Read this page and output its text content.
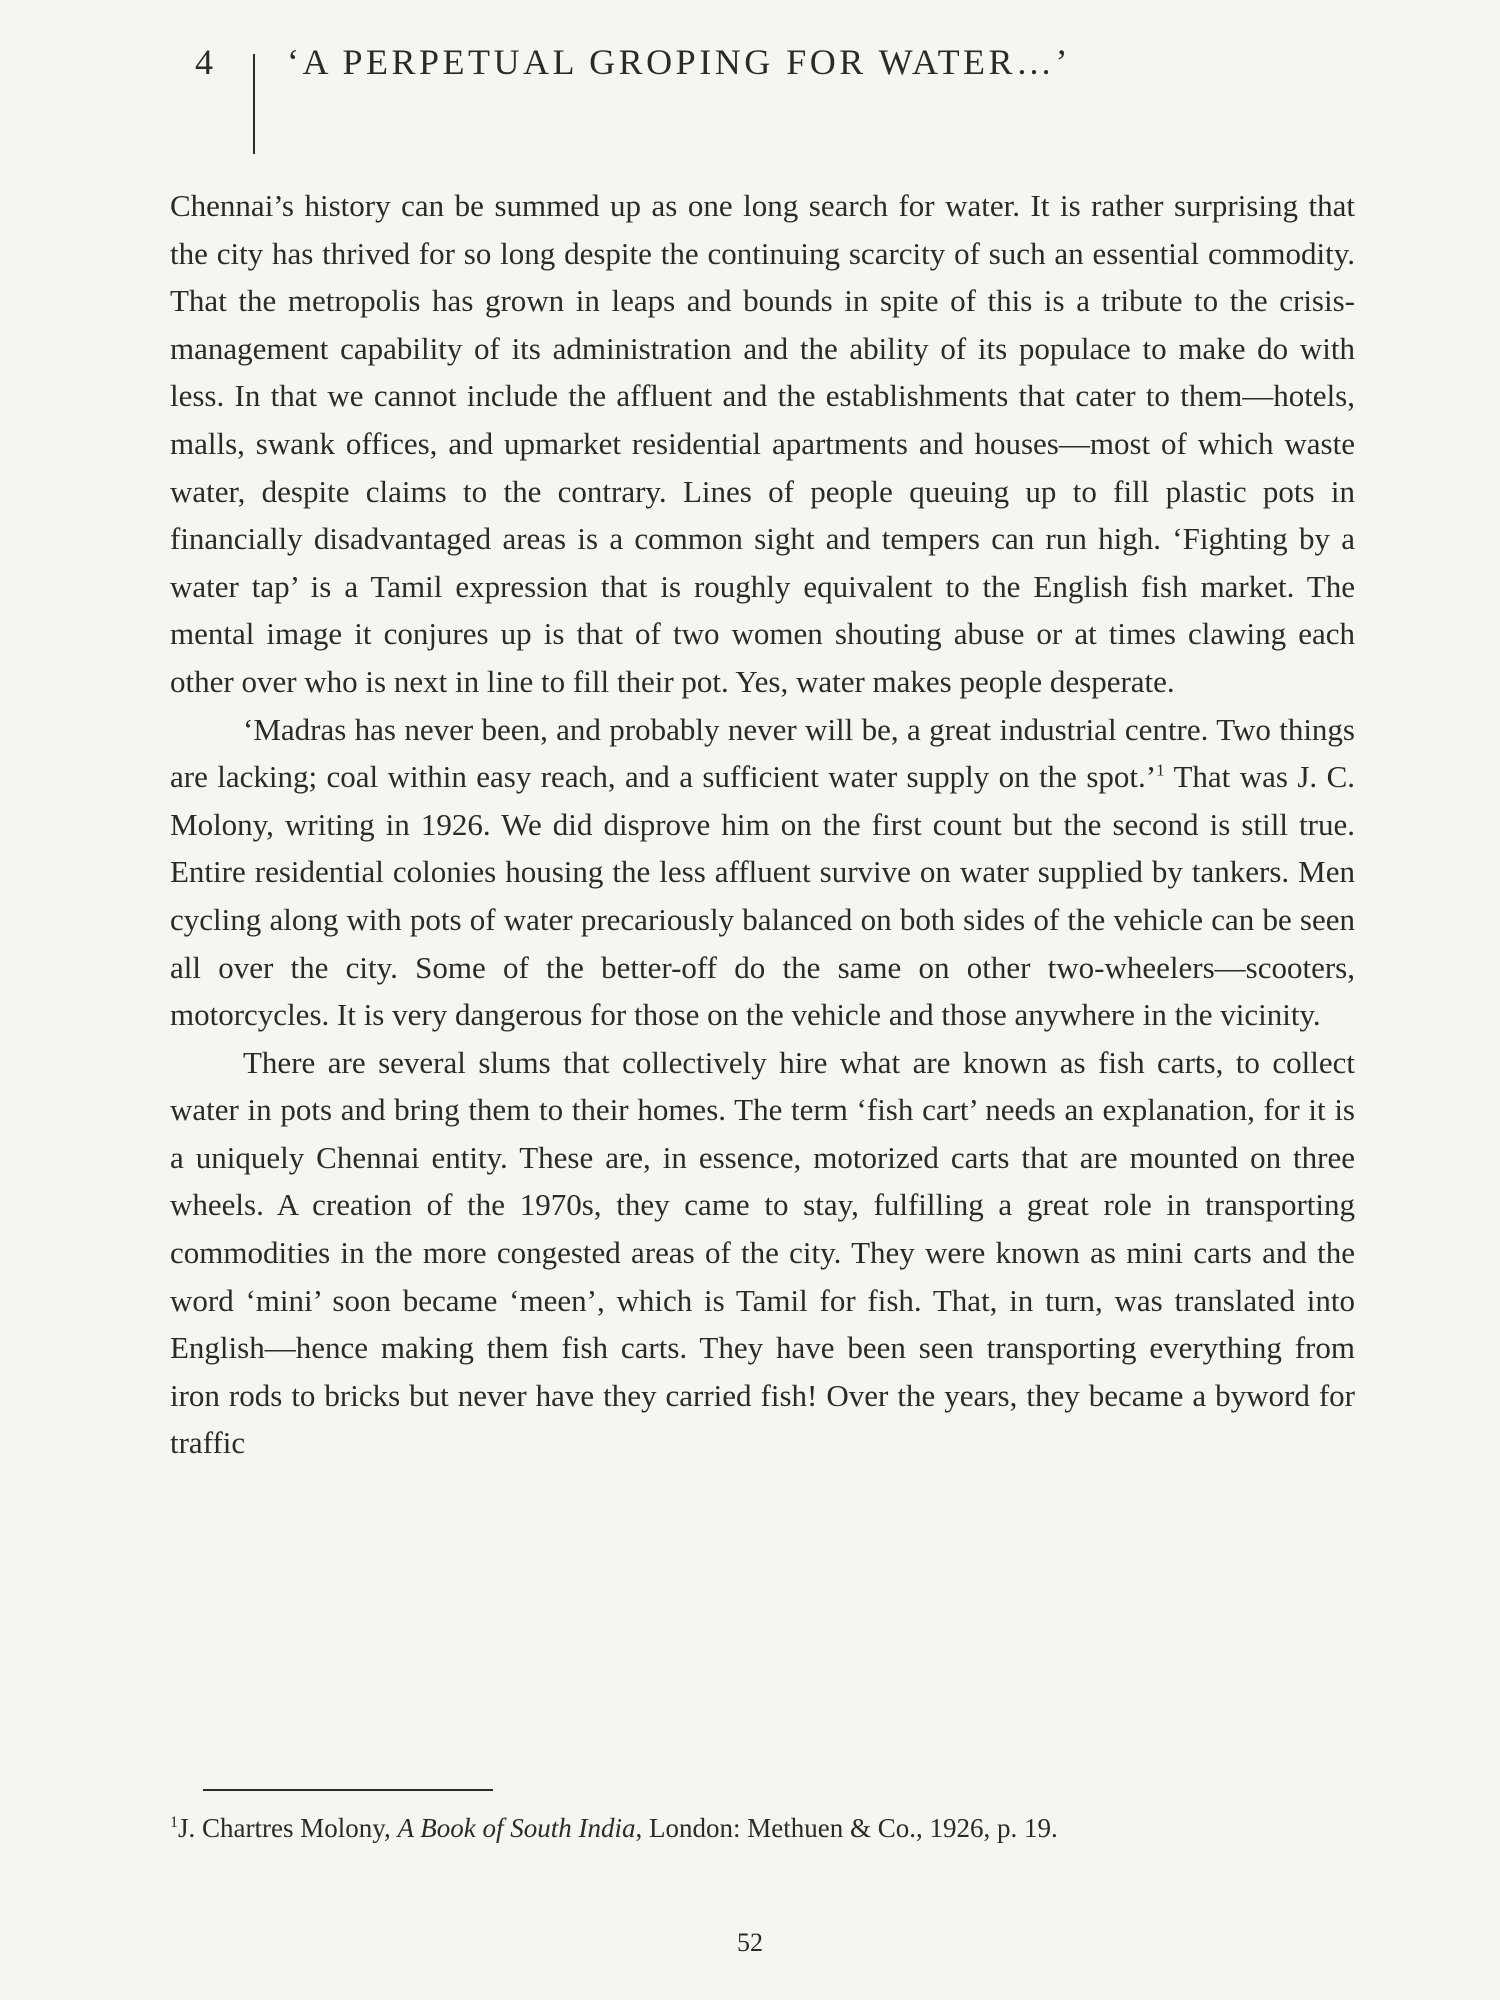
4	‘A PERPETUAL GROPING FOR WATER…’

Chennai’s history can be summed up as one long search for water. It is rather surprising that the city has thrived for so long despite the continuing scarcity of such an essential commodity. That the metropolis has grown in leaps and bounds in spite of this is a tribute to the crisis-management capability of its administration and the ability of its populace to make do with less. In that we cannot include the affluent and the establishments that cater to them—hotels, malls, swank offices, and upmarket residential apartments and houses—most of which waste water, despite claims to the contrary. Lines of people queuing up to fill plastic pots in financially disadvantaged areas is a common sight and tempers can run high. ‘Fighting by a water tap’ is a Tamil expression that is roughly equivalent to the English fish market. The mental image it conjures up is that of two women shouting abuse or at times clawing each other over who is next in line to fill their pot. Yes, water makes people desperate.

‘Madras has never been, and probably never will be, a great industrial centre. Two things are lacking; coal within easy reach, and a sufficient water supply on the spot.’$^1$ That was J. C. Molony, writing in 1926. We did disprove him on the first count but the second is still true. Entire residential colonies housing the less affluent survive on water supplied by tankers. Men cycling along with pots of water precariously balanced on both sides of the vehicle can be seen all over the city. Some of the better-off do the same on other two-wheelers—scooters, motorcycles. It is very dangerous for those on the vehicle and those anywhere in the vicinity.

There are several slums that collectively hire what are known as fish carts, to collect water in pots and bring them to their homes. The term ‘fish cart’ needs an explanation, for it is a uniquely Chennai entity. These are, in essence, motorized carts that are mounted on three wheels. A creation of the 1970s, they came to stay, fulfilling a great role in transporting commodities in the more congested areas of the city. They were known as mini carts and the word ‘mini’ soon became ‘meen’, which is Tamil for fish. That, in turn, was translated into English—hence making them fish carts. They have been seen transporting everything from iron rods to bricks but never have they carried fish! Over the years, they became a byword for traffic

$^1$J. Chartres Molony, A Book of South India, London: Methuen & Co., 1926, p. 19.
52
